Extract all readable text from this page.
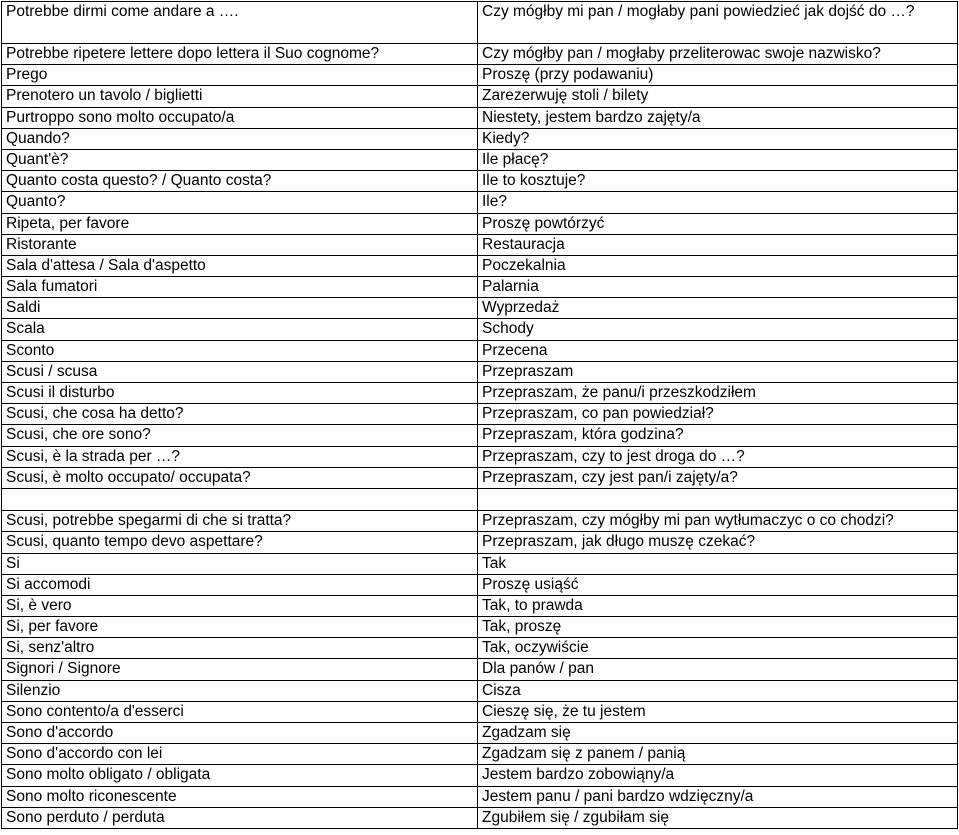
Potrebbe dirmi come andare a ….	Czy mógłby mi pan / mogłaby pani powiedzieć jak dojść do …?
Potrebbe ripetere lettere dopo lettera il Suo cognome?	Czy mógłby pan / mogłaby przeliterowac swoje nazwisko?
Prego	Proszę (przy podawaniu)
Prenotero un tavolo / biglietti	Zarezerwuję stoli / bilety
Purtroppo sono molto occupato/a	Niestety, jestem bardzo zajęty/a
Quando?	Kiedy?
Quant'è?	Ile płacę?
Quanto costa questo? / Quanto costa?	Ile to kosztuje?
Quanto?	Ile?
Ripeta, per favore	Proszę powtórzyć
Ristorante	Restauracja
Sala d'attesa / Sala d'aspetto	Poczekalnia
Sala fumatori	Palarnia
Saldi	Wyprzedaż
Scala	Schody
Sconto	Przecena
Scusi / scusa	Przepraszam
Scusi il disturbo	Przepraszam, że panu/i przeszkodziłem
Scusi, che cosa ha detto?	Przepraszam, co pan powiedział?
Scusi, che ore sono?	Przepraszam, która godzina?
Scusi, è la strada per …?	Przepraszam, czy to jest droga do …?
Scusi, è molto occupato/ occupata?	Przepraszam, czy jest pan/i zajęty/a?

Scusi, potrebbe spegarmi di che si tratta?	Przepraszam, czy mógłby mi pan wytłumaczyc o co chodzi?
Scusi, quanto tempo devo aspettare?	Przepraszam, jak długo muszę czekać?
Si	Tak
Si accomodi	Proszę usiąść
Si, è vero	Tak, to prawda
Si, per favore	Tak, proszę
Si, senz'altro	Tak, oczywiście
Signori / Signore	Dla panów / pan
Silenzio	Cisza
Sono contento/a d'esserci	Cieszę się, że tu jestem
Sono d'accordo	Zgadzam się
Sono d'accordo con lei	Zgadzam się z panem / panią
Sono molto obligato / obligata	Jestem bardzo zobowiąny/a
Sono molto riconescente	Jestem panu / pani bardzo wdzięczny/a
Sono perduto / perduta	Zgubiłem się / zgubiłam się
